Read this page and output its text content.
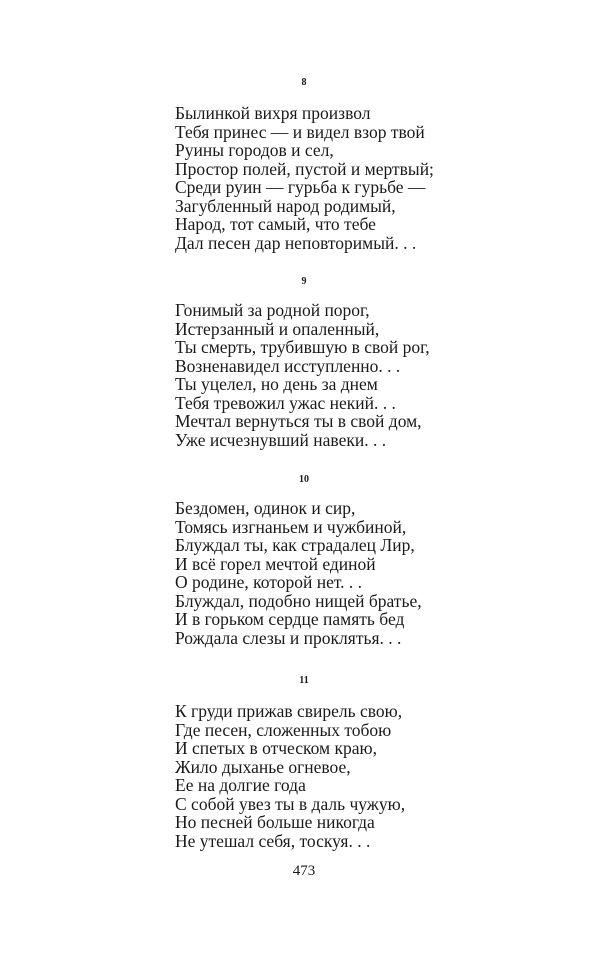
8
Былинкой вихря произвол
Тебя принес — и видел взор твой
Руины городов и сел,
Простор полей, пустой и мертвый;
Среди руин — гурьба к гурьбе —
Загубленный народ родимый,
Народ, тот самый, что тебе
Дал песен дар неповторимый. . .
9
Гонимый за родной порог,
Истерзанный и опаленный,
Ты смерть, трубившую в свой рог,
Возненавидел исступленно. . .
Ты уцелел, но день за днем
Тебя тревожил ужас некий. . .
Мечтал вернуться ты в свой дом,
Уже исчезнувший навеки. . .
10
Бездомен, одинок и сир,
Томясь изгнаньем и чужбиной,
Блуждал ты, как страдалец Лир,
И всё горел мечтой единой
О родине, которой нет. . .
Блуждал, подобно нищей братье,
И в горьком сердце память бед
Рождала слезы и проклятья. . .
11
К груди прижав свирель свою,
Где песен, сложенных тобою
И спетых в отческом краю,
Жило дыханье огневое,
Ее на долгие года
С собой увез ты в даль чужую,
Но песней больше никогда
Не утешал себя, тоскуя. . .
473
